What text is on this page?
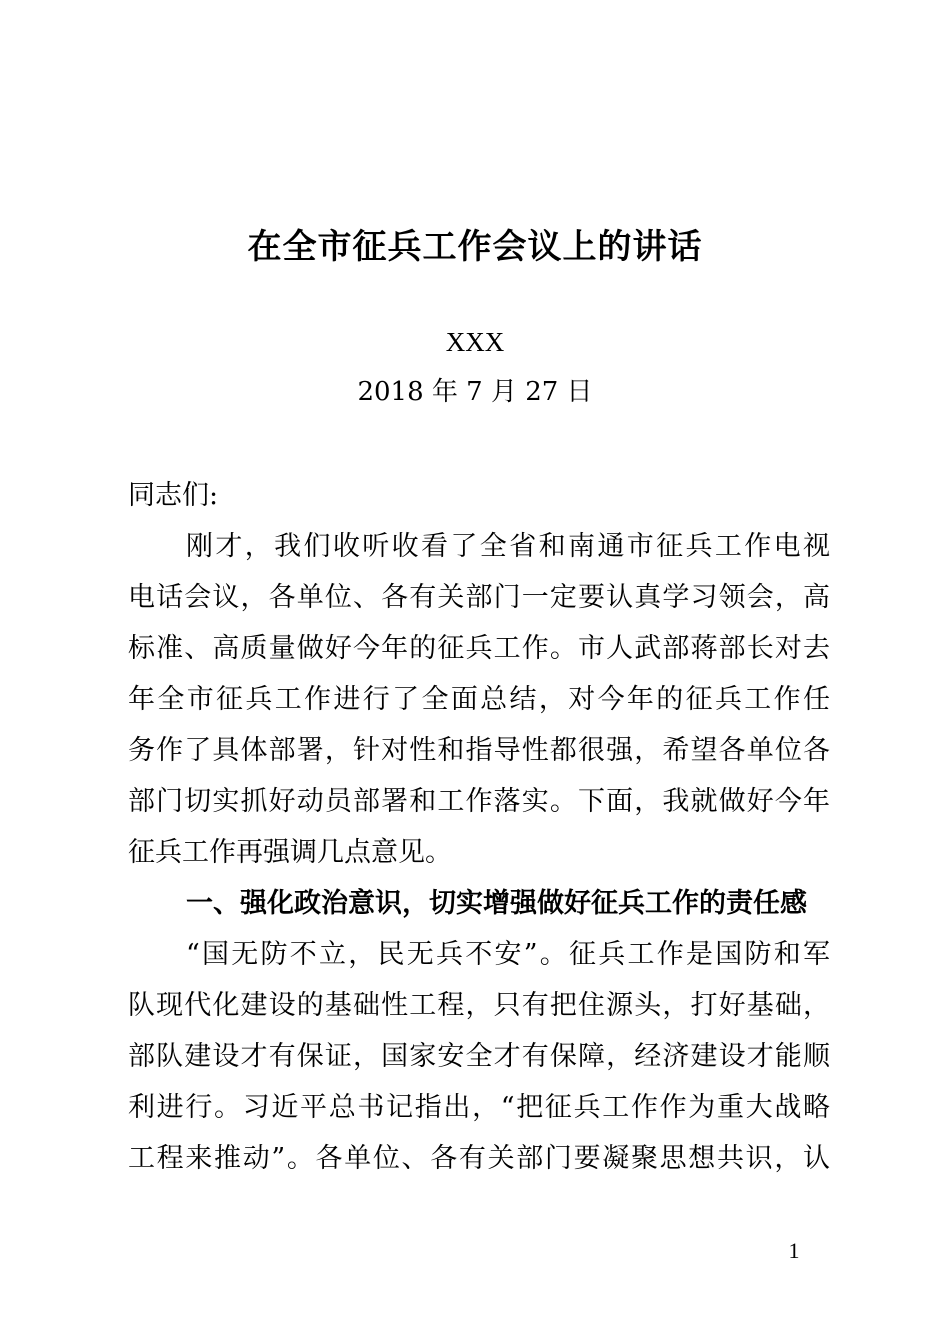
在全市征兵工作会议上的讲话
XXX
2018 年 7 月 27 日
同志们:
刚才，我们收听收看了全省和南通市征兵工作电视
电话会议，各单位、各有关部门一定要认真学习领会，高
标准、高质量做好今年的征兵工作。市人武部蒋部长对去
年全市征兵工作进行了全面总结，对今年的征兵工作任
务作了具体部署，针对性和指导性都很强，希望各单位各
部门切实抓好动员部署和工作落实。下面，我就做好今年
征兵工作再强调几点意见。
一、强化政治意识，切实增强做好征兵工作的责任感
“国无防不立，民无兵不安”。征兵工作是国防和军
队现代化建设的基础性工程，只有把住源头，打好基础，
部队建设才有保证，国家安全才有保障，经济建设才能顺
利进行。习近平总书记指出，“把征兵工作作为重大战略
工程来推动”。各单位、各有关部门要凝聚思想共识，认
1
